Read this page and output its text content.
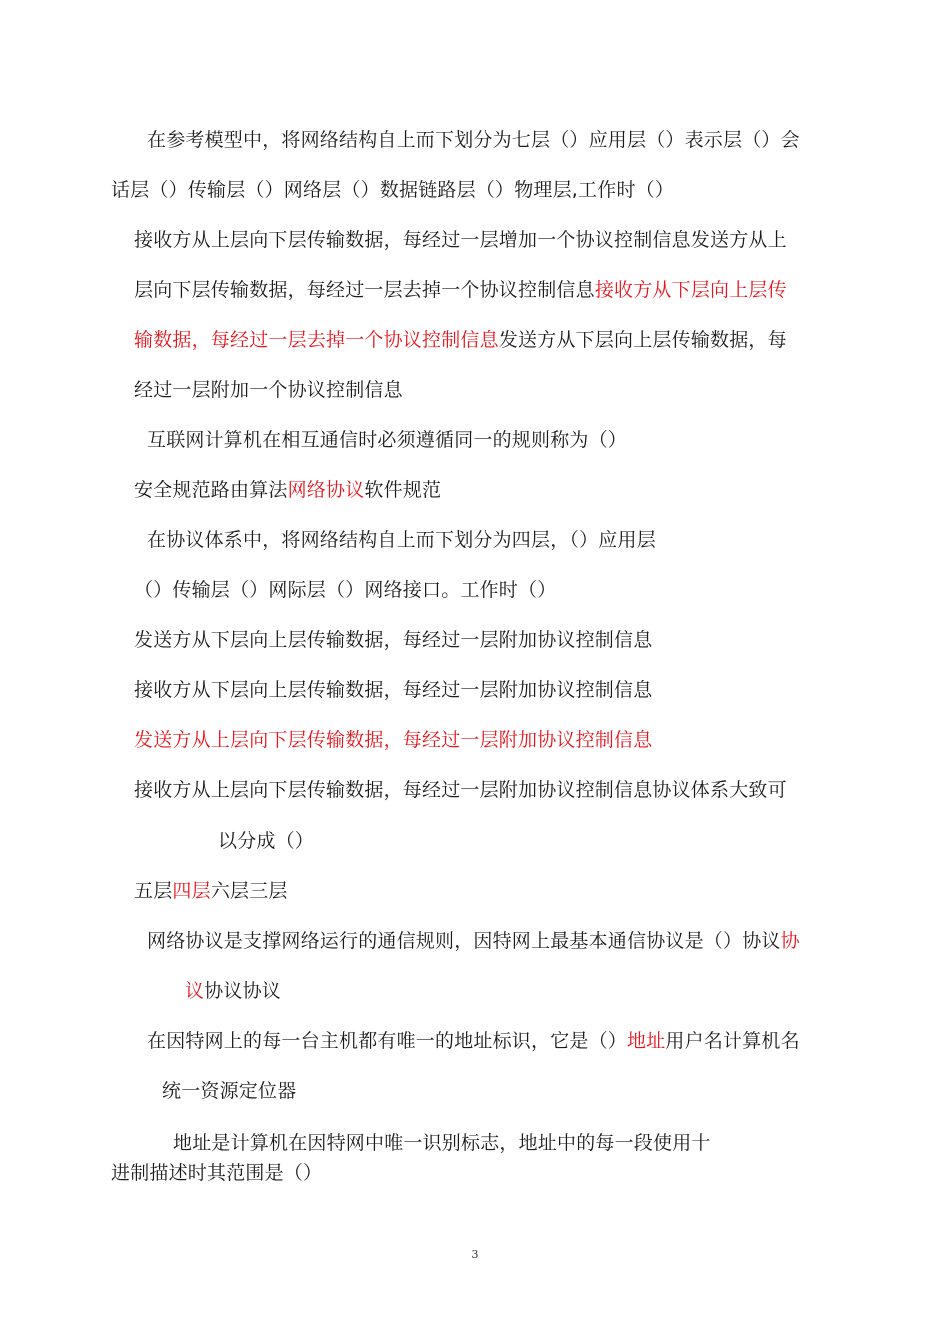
在参考模型中，将网络结构自上而下划分为七层（）应用层（）表示层（）会
话层（）传输层（）网络层（）数据链路层（）物理层,工作时（）
接收方从上层向下层传输数据，每经过一层增加一个协议控制信息发送方从上
层向下层传输数据，每经过一层去掉一个协议控制信息接收方从下层向上层传
输数据，每经过一层去掉一个协议控制信息发送方从下层向上层传输数据，每
经过一层附加一个协议控制信息
互联网计算机在相互通信时必须遵循同一的规则称为（）
安全规范路由算法网络协议软件规范
在协议体系中，将网络结构自上而下划分为四层，（）应用层
（）传输层（）网际层（）网络接口。工作时（）
发送方从下层向上层传输数据，每经过一层附加协议控制信息
接收方从下层向上层传输数据，每经过一层附加协议控制信息
发送方从上层向下层传输数据，每经过一层附加协议控制信息
接收方从上层向下层传输数据，每经过一层附加协议控制信息协议体系大致可
以分成（）
五层四层六层三层
网络协议是支撑网络运行的通信规则，因特网上最基本通信协议是（）协议协
议协议协议
在因特网上的每一台主机都有唯一的地址标识，它是（）地址用户名计算机名
统一资源定位器
地址是计算机在因特网中唯一识别标志，地址中的每一段使用十
进制描述时其范围是（）
3
